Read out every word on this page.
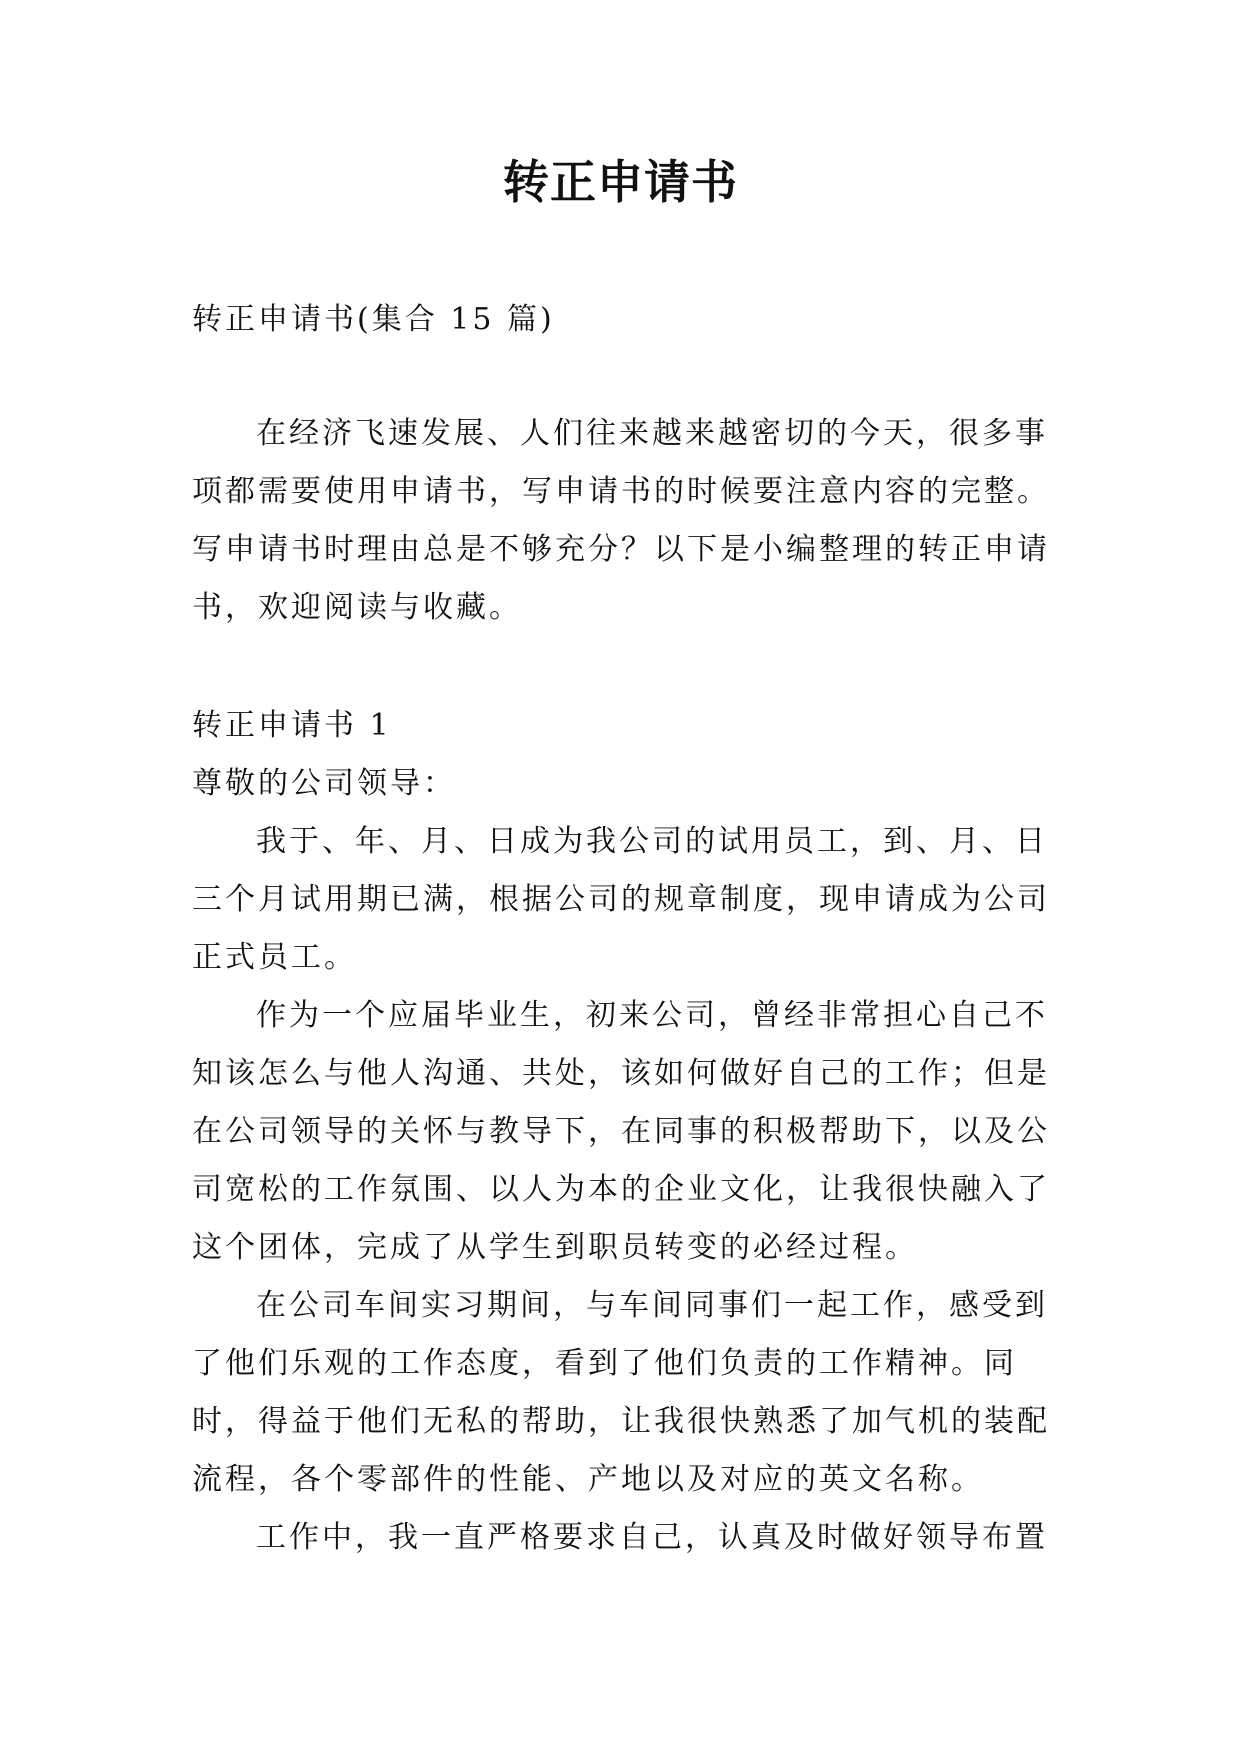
转正申请书

转正申请书(集合 15 篇)

在经济飞速发展、人们往来越来越密切的今天，很多事项都需要使用申请书，写申请书的时候要注意内容的完整。写申请书时理由总是不够充分？以下是小编整理的转正申请书，欢迎阅读与收藏。

转正申请书 1

尊敬的公司领导：

我于、年、月、日成为我公司的试用员工，到、月、日三个月试用期已满，根据公司的规章制度，现申请成为公司正式员工。

作为一个应届毕业生，初来公司，曾经非常担心自己不知该怎么与他人沟通、共处，该如何做好自己的工作；但是在公司领导的关怀与教导下，在同事的积极帮助下，以及公司宽松的工作氛围、以人为本的企业文化，让我很快融入了这个团体，完成了从学生到职员转变的必经过程。

在公司车间实习期间，与车间同事们一起工作，感受到了他们乐观的工作态度，看到了他们负责的工作精神。同时，得益于他们无私的帮助，让我很快熟悉了加气机的装配流程，各个零部件的性能、产地以及对应的英文名称。

工作中，我一直严格要求自己，认真及时做好领导布置
